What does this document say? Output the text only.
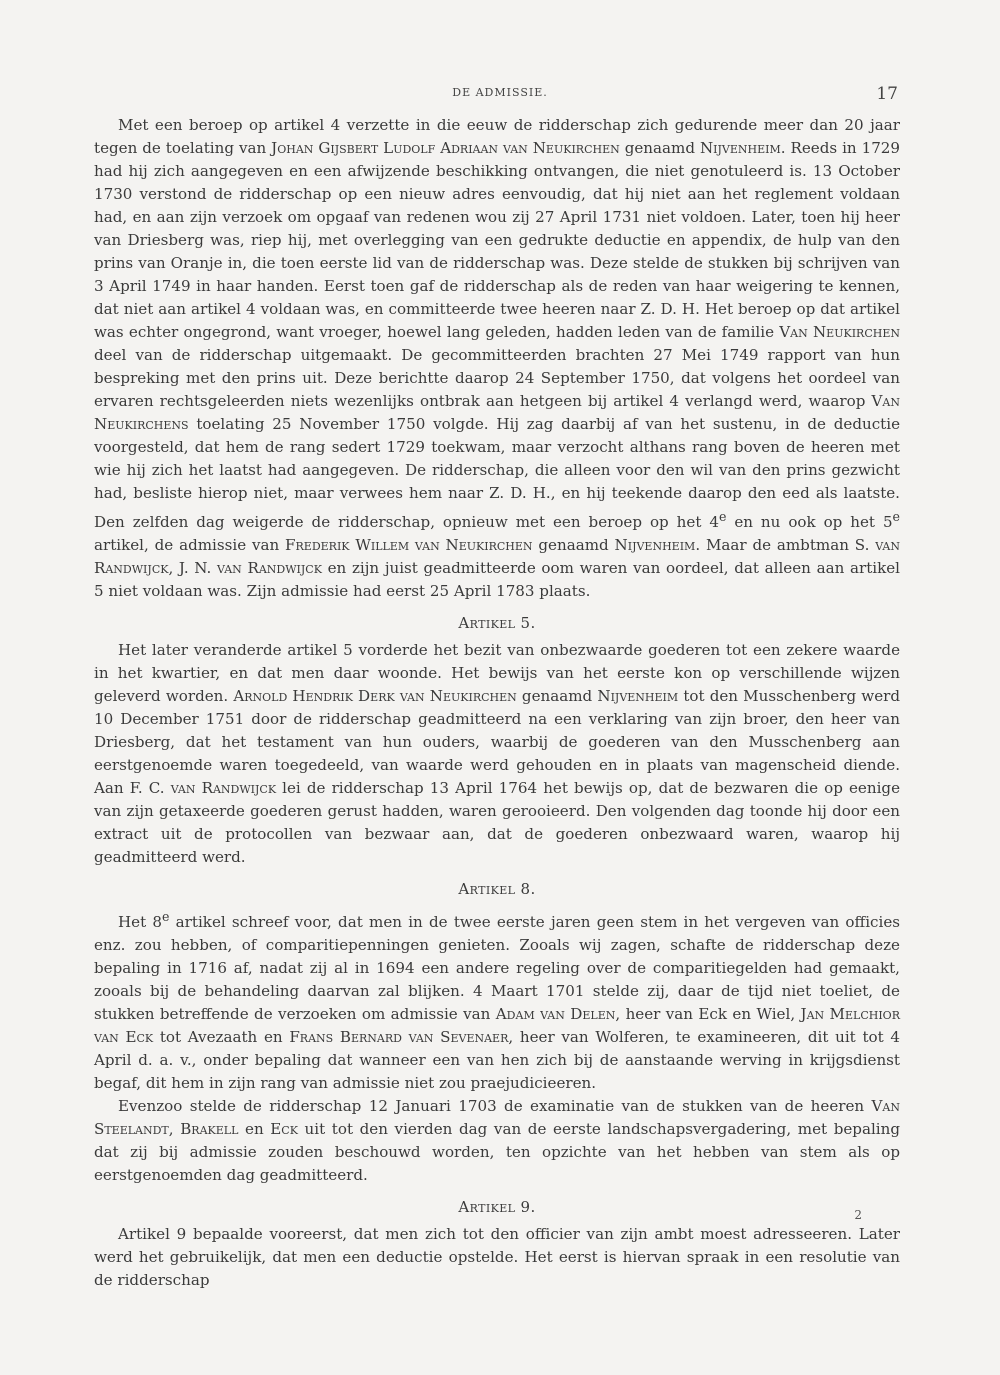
DE ADMISSIE.	17

Met een beroep op artikel 4 verzette in die eeuw de ridderschap zich gedurende meer dan 20 jaar tegen de toelating van Johan Gijsbert Ludolf Adriaan van Neukirchen genaamd Nijvenheim. Reeds in 1729 had hij zich aangegeven en een afwijzende beschikking ontvangen, die niet genotuleerd is. 13 October 1730 verstond de ridderschap op een nieuw adres eenvoudig, dat hij niet aan het reglement voldaan had, en aan zijn verzoek om opgaaf van redenen wou zij 27 April 1731 niet voldoen. Later, toen hij heer van Driesberg was, riep hij, met overlegging van een gedrukte deductie en appendix, de hulp van den prins van Oranje in, die toen eerste lid van de ridderschap was. Deze stelde de stukken bij schrijven van 3 April 1749 in haar handen. Eerst toen gaf de ridderschap als de reden van haar weigering te kennen, dat niet aan artikel 4 voldaan was, en committeerde twee heeren naar Z. D. H. Het beroep op dat artikel was echter ongegrond, want vroeger, hoewel lang geleden, hadden leden van de familie Van Neukirchen deel van de ridderschap uitgemaakt. De gecommitteerden brachten 27 Mei 1749 rapport van hun bespreking met den prins uit. Deze berichtte daarop 24 September 1750, dat volgens het oordeel van ervaren rechtsgeleerden niets wezenlijks ontbrak aan hetgeen bij artikel 4 verlangd werd, waarop Van Neukirchens toelating 25 November 1750 volgde. Hij zag daarbij af van het sustenu, in de deductie voorgesteld, dat hem de rang sedert 1729 toekwam, maar verzocht althans rang boven de heeren met wie hij zich het laatst had aangegeven. De ridderschap, die alleen voor den wil van den prins gezwicht had, besliste hierop niet, maar verwees hem naar Z. D. H., en hij teekende daarop den eed als laatste. Den zelfden dag weigerde de ridderschap, opnieuw met een beroep op het 4e en nu ook op het 5e artikel, de admissie van Frederik Willem van Neukirchen genaamd Nijvenheim. Maar de ambtman S. van Randwijck, J. N. van Randwijck en zijn juist geadmitteerde oom waren van oordeel, dat alleen aan artikel 5 niet voldaan was. Zijn admissie had eerst 25 April 1783 plaats.

Artikel 5.

Het later veranderde artikel 5 vorderde het bezit van onbezwaarde goederen tot een zekere waarde in het kwartier, en dat men daar woonde. Het bewijs van het eerste kon op verschillende wijzen geleverd worden. Arnold Hendrik Derk van Neukirchen genaamd Nijvenheim tot den Musschenberg werd 10 December 1751 door de ridderschap geadmitteerd na een verklaring van zijn broer, den heer van Driesberg, dat het testament van hun ouders, waarbij de goederen van den Musschenberg aan eerstgenoemde waren toegedeeld, van waarde werd gehouden en in plaats van magenscheid diende. Aan F. C. van Randwijck lei de ridderschap 13 April 1764 het bewijs op, dat de bezwaren die op eenige van zijn getaxeerde goederen gerust hadden, waren gerooieerd. Den volgenden dag toonde hij door een extract uit de protocollen van bezwaar aan, dat de goederen onbezwaard waren, waarop hij geadmitteerd werd.

Artikel 8.

Het 8e artikel schreef voor, dat men in de twee eerste jaren geen stem in het vergeven van officies enz. zou hebben, of comparitiepenningen genieten. Zooals wij zagen, schafte de ridderschap deze bepaling in 1716 af, nadat zij al in 1694 een andere regeling over de comparitiegelden had gemaakt, zooals bij de behandeling daarvan zal blijken. 4 Maart 1701 stelde zij, daar de tijd niet toeliet, de stukken betreffende de verzoeken om admissie van Adam van Delen, heer van Eck en Wiel, Jan Melchior van Eck tot Avezaath en Frans Bernard van Sevenaer, heer van Wolferen, te examineeren, dit uit tot 4 April d. a. v., onder bepaling dat wanneer een van hen zich bij de aanstaande werving in krijgsdienst begaf, dit hem in zijn rang van admissie niet zou praejudicieeren.

Evenzoo stelde de ridderschap 12 Januari 1703 de examinatie van de stukken van de heeren Van Steelandt, Brakell en Eck uit tot den vierden dag van de eerste landschapsvergadering, met bepaling dat zij bij admissie zouden beschouwd worden, ten opzichte van het hebben van stem als op eerstgenoemden dag geadmitteerd.

Artikel 9.

Artikel 9 bepaalde vooreerst, dat men zich tot den officier van zijn ambt moest adresseeren. Later werd het gebruikelijk, dat men een deductie opstelde. Het eerst is hiervan spraak in een resolutie van de ridderschap

2
